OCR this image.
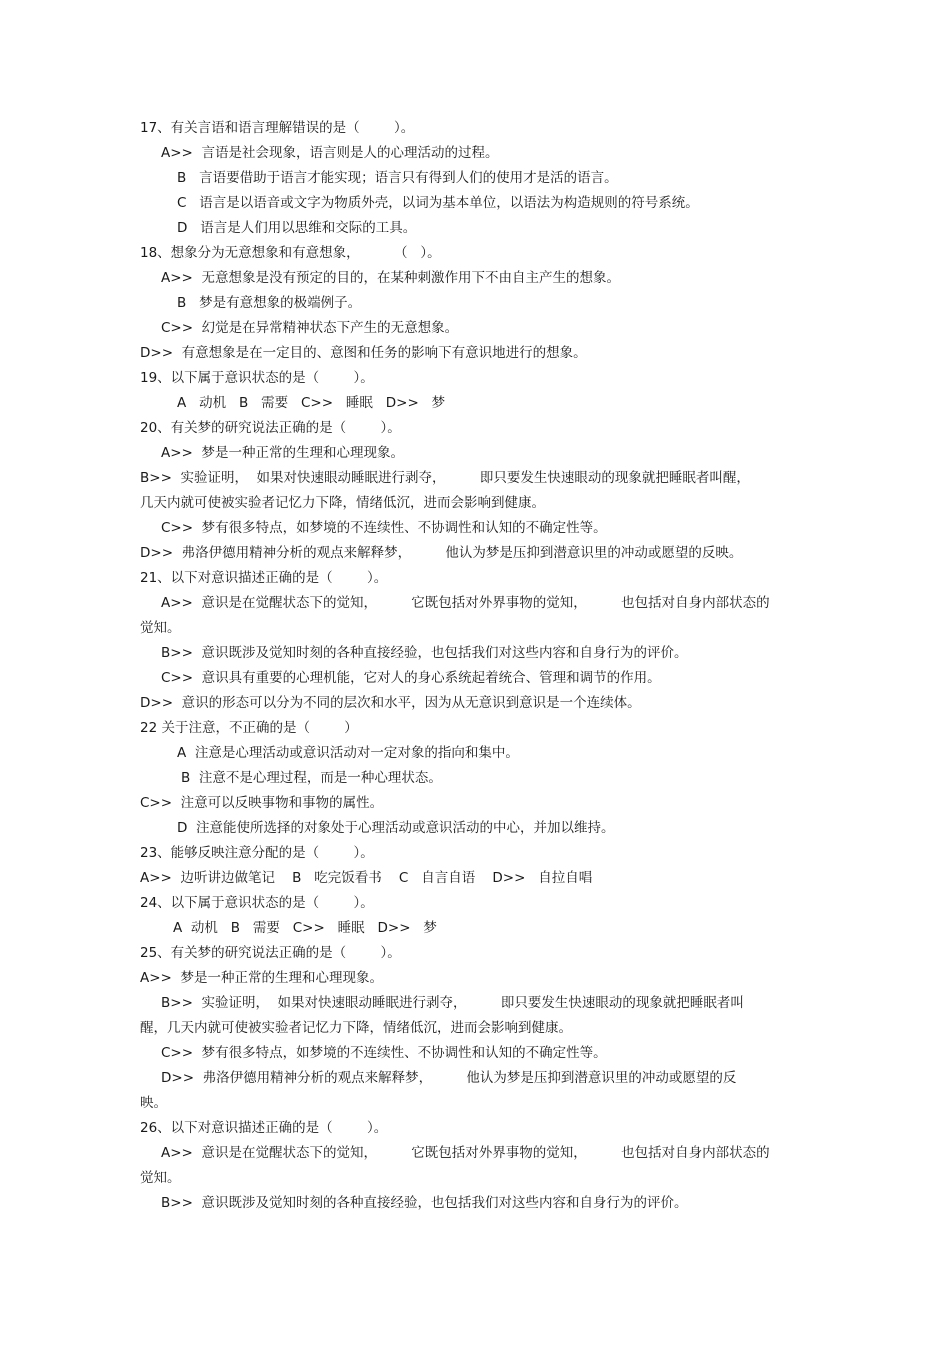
17、有关言语和语言理解错误的是（        ）。
A>>  言语是社会现象，语言则是人的心理活动的过程。
B   言语要借助于语言才能实现；语言只有得到人们的使用才是活的语言。
C   语言是以语音或文字为物质外壳，以词为基本单位，以语法为构造规则的符号系统。
D   语言是人们用以思维和交际的工具。
18、想象分为无意想象和有意想象，        （   ）。
A>>  无意想象是没有预定的目的，在某种刺激作用下不由自主产生的想象。
B   梦是有意想象的极端例子。
C>>  幻觉是在异常精神状态下产生的无意想象。
D>>  有意想象是在一定目的、意图和任务的影响下有意识地进行的想象。
19、以下属于意识状态的是（        ）。
A   动机   B   需要   C>>   睡眠   D>>   梦
20、有关梦的研究说法正确的是（        ）。
A>>  梦是一种正常的生理和心理现象。
B>>  实验证明，  如果对快速眼动睡眠进行剥夺，        即只要发生快速眼动的现象就把睡眠者叫醒，
几天内就可使被实验者记忆力下降，情绪低沉，进而会影响到健康。
C>>  梦有很多特点，如梦境的不连续性、不协调性和认知的不确定性等。
D>>  弗洛伊德用精神分析的观点来解释梦，        他认为梦是压抑到潜意识里的冲动或愿望的反映。
21、以下对意识描述正确的是（        ）。
A>>  意识是在觉醒状态下的觉知，        它既包括对外界事物的觉知，        也包括对自身内部状态的
觉知。
B>>  意识既涉及觉知时刻的各种直接经验，也包括我们对这些内容和自身行为的评价。
C>>  意识具有重要的心理机能，它对人的身心系统起着统合、管理和调节的作用。
D>>  意识的形态可以分为不同的层次和水平，因为从无意识到意识是一个连续体。
22 关于注意，不正确的是（        ）
A  注意是心理活动或意识活动对一定对象的指向和集中。
B  注意不是心理过程，而是一种心理状态。
C>>  注意可以反映事物和事物的属性。
D  注意能使所选择的对象处于心理活动或意识活动的中心，并加以维持。
23、能够反映注意分配的是（        ）。
A>>  边听讲边做笔记    B   吃完饭看书    C   自言自语    D>>   自拉自唱
24、以下属于意识状态的是（        ）。
A  动机   B   需要   C>>   睡眠   D>>   梦
25、有关梦的研究说法正确的是（        ）。
A>>  梦是一种正常的生理和心理现象。
B>>  实验证明，  如果对快速眼动睡眠进行剥夺，        即只要发生快速眼动的现象就把睡眠者叫
醒，几天内就可使被实验者记忆力下降，情绪低沉，进而会影响到健康。
C>>  梦有很多特点，如梦境的不连续性、不协调性和认知的不确定性等。
D>>  弗洛伊德用精神分析的观点来解释梦，        他认为梦是压抑到潜意识里的冲动或愿望的反
映。
26、以下对意识描述正确的是（        ）。
A>>  意识是在觉醒状态下的觉知，        它既包括对外界事物的觉知，        也包括对自身内部状态的
觉知。
B>>  意识既涉及觉知时刻的各种直接经验，也包括我们对这些内容和自身行为的评价。
